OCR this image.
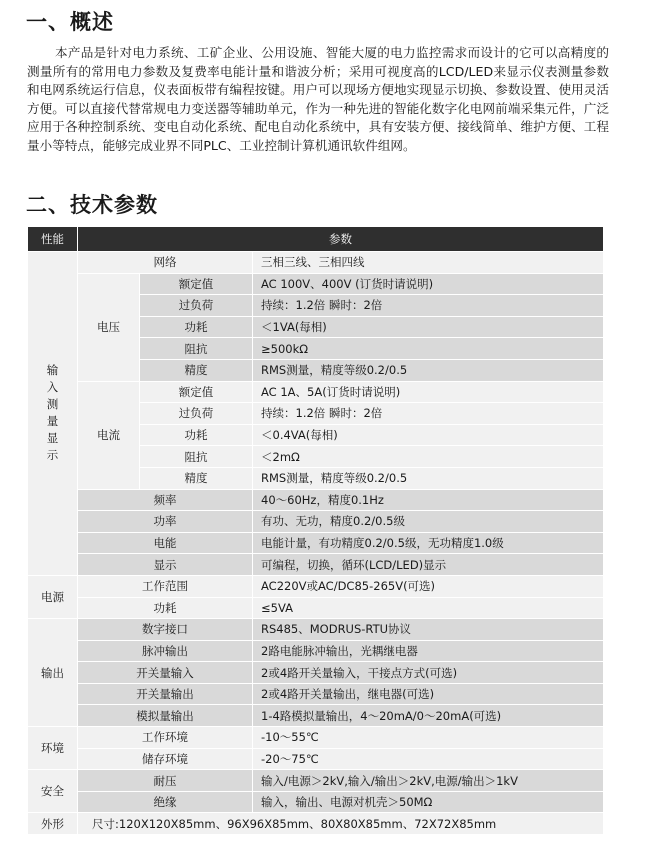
一、概述

本产品是针对电力系统、工矿企业、公用设施、智能大厦的电力监控需求而设计的它可以高精度的测量所有的常用电力参数及复费率电能计量和谐波分析；采用可视度高的LCD/LED来显示仪表测量参数和电网系统运行信息，仪表面板带有编程按键。用户可以现场方便地实现显示切换、参数设置、使用灵活方便。可以直接代替常规电力变送器等辅助单元，作为一种先进的智能化数字化电网前端采集元件，广泛应用于各种控制系统、变电自动化系统、配电自动化系统中，具有安装方便、接线简单、维护方便、工程量小等特点，能够完成业界不同PLC、工业控制计算机通讯软件组网。

二、技术参数
性能	参数		
输入测量显示	网络		三相三线、三相四线
	电压	额定值	AC 100V、400V (订货时请说明)
		过负荷	持续：1.2倍 瞬时：2倍
		功耗	＜1VA(每相)
		阻抗	≥500kΩ
		精度	RMS测量，精度等级0.2/0.5
	电流	额定值	AC 1A、5A(订货时请说明)
		过负荷	持续：1.2倍 瞬时：2倍
		功耗	＜0.4VA(每相)
		阻抗	＜2mΩ
		精度	RMS测量，精度等级0.2/0.5
	频率		40～60Hz，精度0.1Hz
	功率		有功、无功，精度0.2/0.5级
	电能		电能计量，有功精度0.2/0.5级，无功精度1.0级
	显示		可编程，切换，循环(LCD/LED)显示
电源	工作范围		AC220V或AC/DC85-265V(可选)
	功耗		≤5VA
输出	数字接口		RS485、MODRUS-RTU协议
	脉冲输出		2路电能脉冲输出，光耦继电器
	开关量输入		2或4路开关量输入，干接点方式(可选)
	开关量输出		2或4路开关量输出，继电器(可选)
	模拟量输出		1-4路模拟量输出，4～20mA/0～20mA(可选)
环境	工作环境		-10～55℃
	储存环境		-20～75℃
安全	耐压		输入/电源＞2kV,输入/输出＞2kV,电源/输出＞1kV
	绝缘		输入，输出、电源对机壳＞50MΩ
外形	尺寸:120X120X85mm、96X96X85mm、80X80X85mm、72X72X85mm		
